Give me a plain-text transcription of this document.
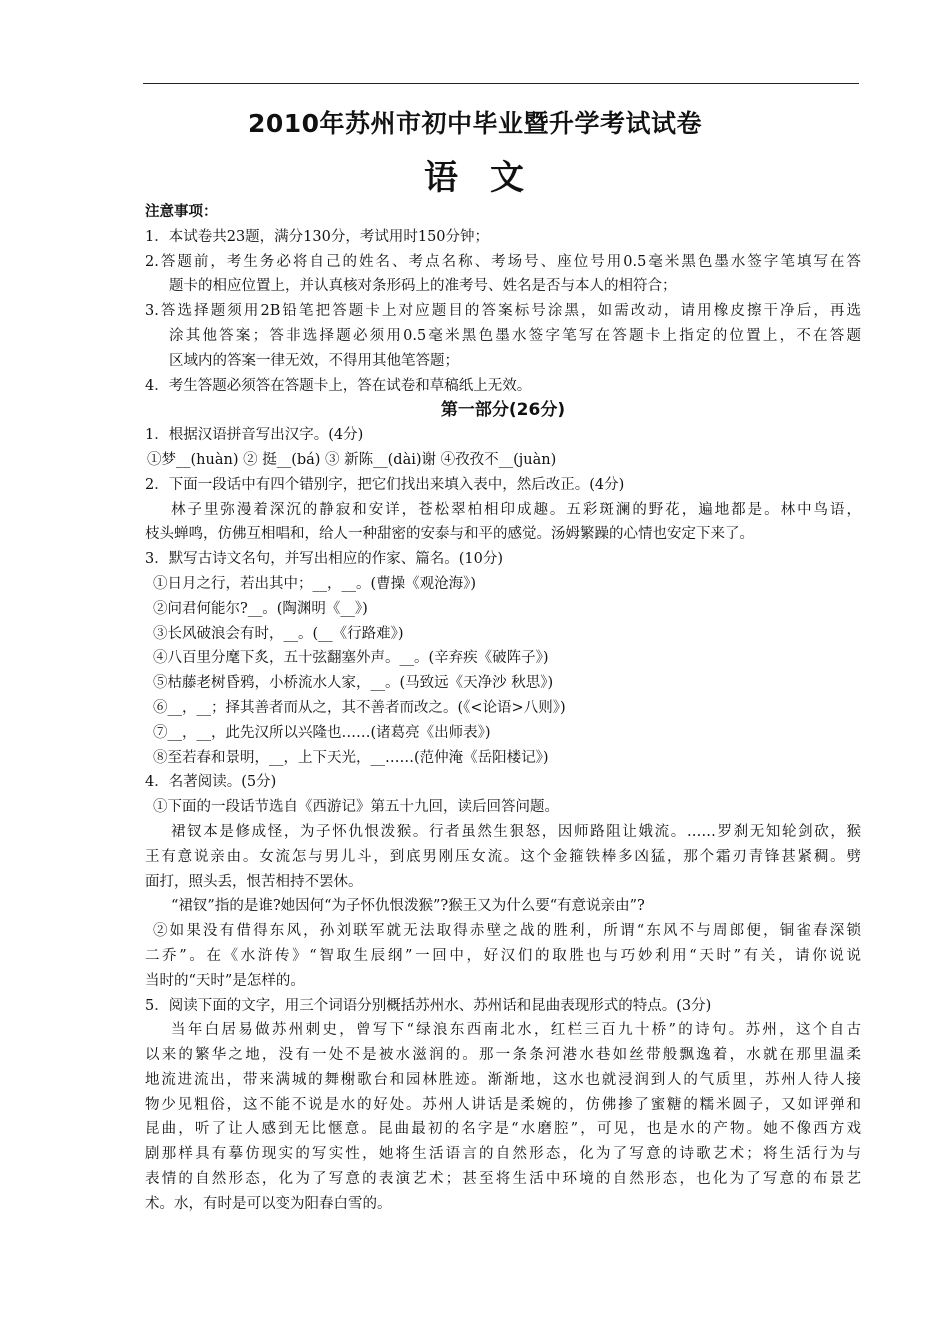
2010年苏州市初中毕业暨升学考试试卷
语 文
注意事项：
1．本试卷共23题，满分130分，考试用时150分钟；
2.答题前，考生务必将自己的姓名、考点名称、考场号、座位号用0.5毫米黑色墨水签字笔填写在答
题卡的相应位置上，并认真核对条形码上的准考号、姓名是否与本人的相符合；
3.答选择题须用2B铅笔把答题卡上对应题目的答案标号涂黑，如需改动，请用橡皮擦干净后，再选
涂其他答案；答非选择题必须用0.5毫米黑色墨水签字笔写在答题卡上指定的位置上，不在答题
区域内的答案一律无效，不得用其他笔答题；
4．考生答题必须答在答题卡上，答在试卷和草稿纸上无效。
第一部分(26分)
1．根据汉语拼音写出汉字。(4分)
①梦__(huàn) ② 挺__(bá) ③ 新陈__(dài)谢 ④孜孜不__(juàn)
2．下面一段话中有四个错别字，把它们找出来填入表中，然后改正。(4分)
林子里弥漫着深沉的静寂和安详，苍松翠柏相印成趣。五彩斑澜的野花，遍地都是。林中鸟语，
枝头蝉鸣，仿佛互相唱和，给人一种甜密的安泰与和平的感觉。汤姆繁躁的心情也安定下来了。
3．默写古诗文名句，并写出相应的作家、篇名。(10分)
①日月之行，若出其中；__，__。(曹操《观沧海》)
②问君何能尔?__。(陶渊明《__》)
③长风破浪会有时，__。(__《行路难》)
④八百里分麾下炙，五十弦翻塞外声。__。(辛弃疾《破阵子》)
⑤枯藤老树昏鸦，小桥流水人家，__。(马致远《天净沙 秋思》)
⑥__，__；择其善者而从之，其不善者而改之。(《<论语>八则》)
⑦__，__，此先汉所以兴隆也……(诸葛亮《出师表》)
⑧至若春和景明，__，上下天光，__……(范仲淹《岳阳楼记》)
4．名著阅读。(5分)
①下面的一段话节选自《西游记》第五十九回，读后回答问题。
裙钗本是修成怪，为子怀仇恨泼猴。行者虽然生狠怒，因师路阻让娥流。……罗刹无知轮剑砍，猴
王有意说亲由。女流怎与男儿斗，到底男刚压女流。这个金箍铁棒多凶猛，那个霜刃青锋甚紧稠。劈
面打，照头丢，恨苦相持不罢休。
“裙钗”指的是谁?她因何“为子怀仇恨泼猴”?猴王又为什么要“有意说亲由”?
②如果没有借得东风，孙刘联军就无法取得赤壁之战的胜利，所谓“东风不与周郎便，铜雀春深锁
二乔”。在《水浒传》“智取生辰纲”一回中，好汉们的取胜也与巧妙利用“天时”有关，请你说说
当时的“天时”是怎样的。
5．阅读下面的文字，用三个词语分别概括苏州水、苏州话和昆曲表现形式的特点。(3分)
当年白居易做苏州刺史，曾写下“绿浪东西南北水，红栏三百九十桥”的诗句。苏州，这个自古
以来的繁华之地，没有一处不是被水滋润的。那一条条河港水巷如丝带般飘逸着，水就在那里温柔
地流进流出，带来满城的舞榭歌台和园林胜迹。渐渐地，这水也就浸润到人的气质里，苏州人待人接
物少见粗俗，这不能不说是水的好处。苏州人讲话是柔婉的，仿佛掺了蜜糖的糯米圆子，又如评弹和
昆曲，听了让人感到无比惬意。昆曲最初的名字是“水磨腔”，可见，也是水的产物。她不像西方戏
剧那样具有摹仿现实的写实性，她将生活语言的自然形态，化为了写意的诗歌艺术；将生活行为与
表情的自然形态，化为了写意的表演艺术；甚至将生活中环境的自然形态，也化为了写意的布景艺
术。水，有时是可以变为阳春白雪的。
